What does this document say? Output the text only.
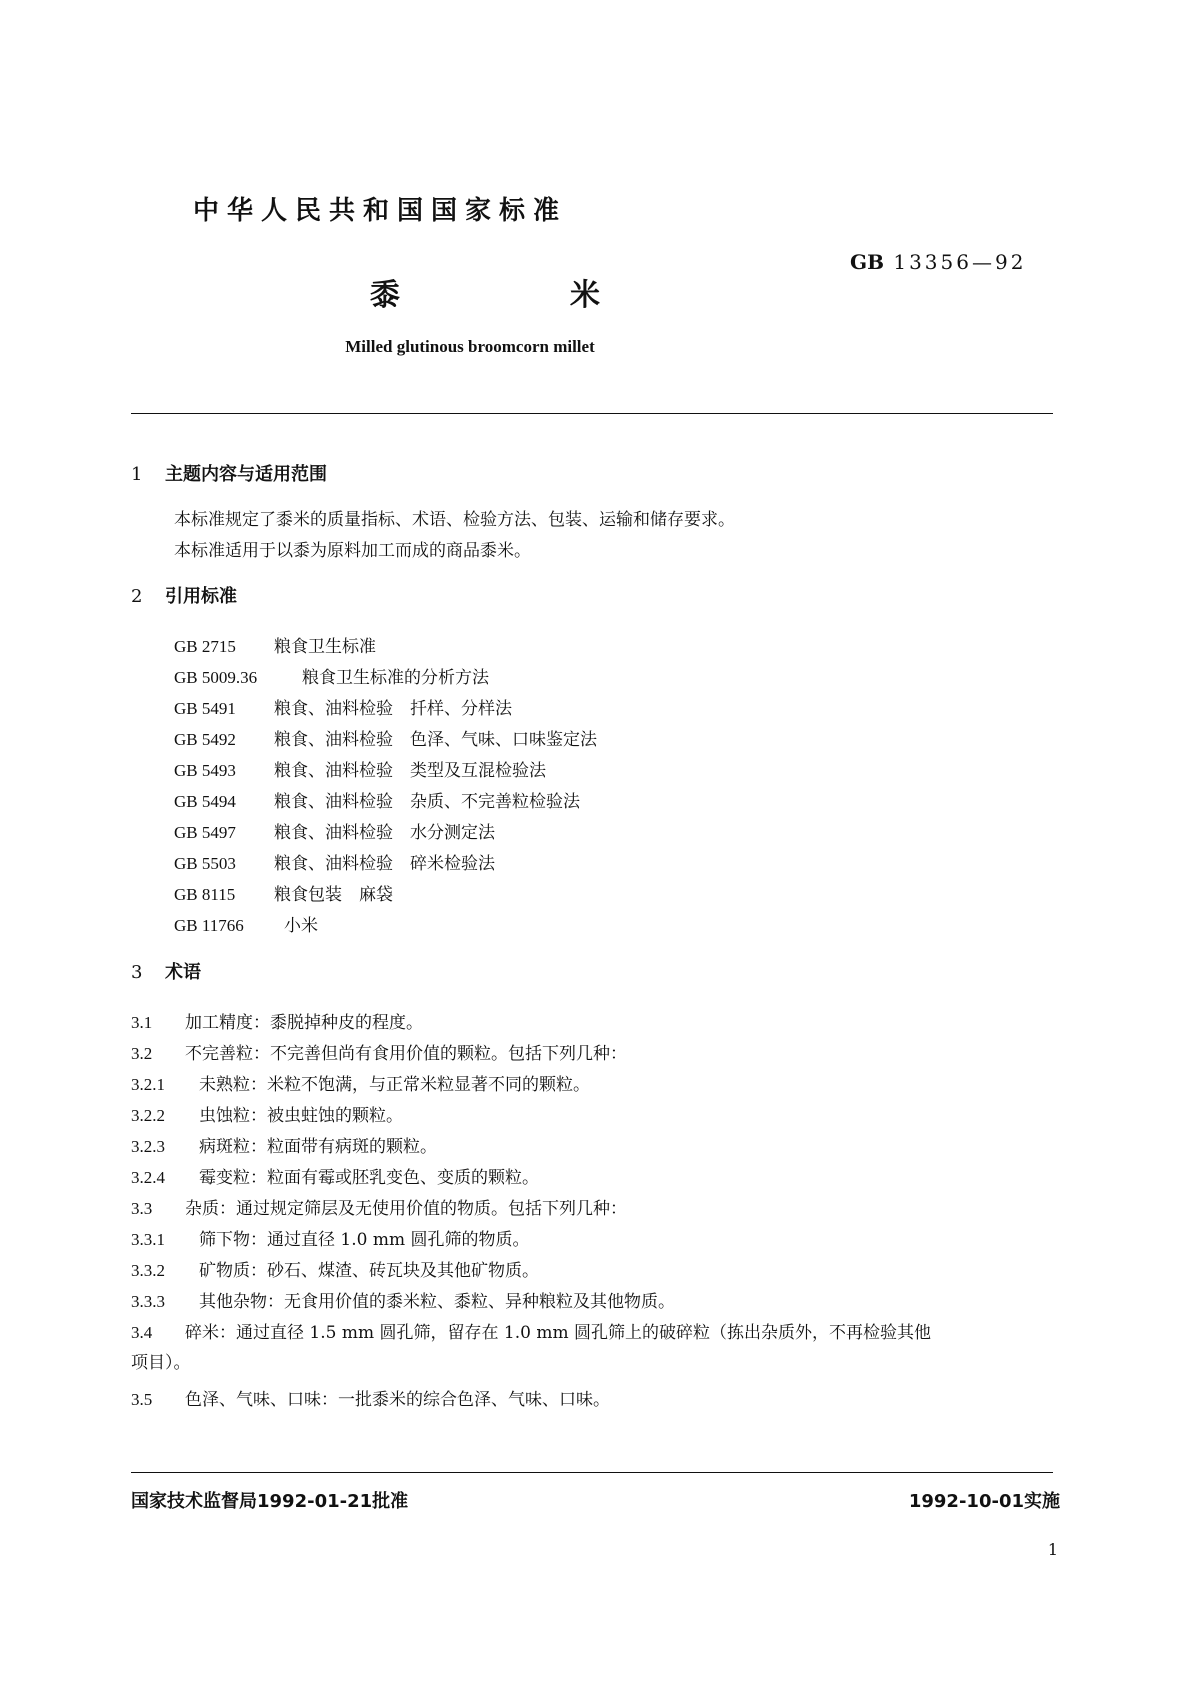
中华人民共和国国家标准
GB 13356—92
黍	米
Milled glutinous broomcorn millet
1 主题内容与适用范围
本标准规定了黍米的质量指标、术语、检验方法、包装、运输和储存要求。
本标准适用于以黍为原料加工而成的商品黍米。
2 引用标准
GB 2715 粮食卫生标准
GB 5009.36	粮食卫生标准的分析方法
GB 5491 粮食、油料检验　扦样、分样法
GB 5492 粮食、油料检验　色泽、气味、口味鉴定法
GB 5493 粮食、油料检验　类型及互混检验法
GB 5494 粮食、油料检验　杂质、不完善粒检验法
GB 5497 粮食、油料检验　水分测定法
GB 5503 粮食、油料检验　碎米检验法
GB 8115 粮食包装　麻袋
GB 11766 小米
3 术语
3.1 加工精度：黍脱掉种皮的程度。
3.2 不完善粒：不完善但尚有食用价值的颗粒。包括下列几种：
3.2.1 未熟粒：米粒不饱满，与正常米粒显著不同的颗粒。
3.2.2 虫蚀粒：被虫蛀蚀的颗粒。
3.2.3 病斑粒：粒面带有病斑的颗粒。
3.2.4 霉变粒：粒面有霉或胚乳变色、变质的颗粒。
3.3 杂质：通过规定筛层及无使用价值的物质。包括下列几种：
3.3.1 筛下物：通过直径 1.0 mm 圆孔筛的物质。
3.3.2 矿物质：砂石、煤渣、砖瓦块及其他矿物质。
3.3.3 其他杂物：无食用价值的黍米粒、黍粒、异种粮粒及其他物质。
3.4 碎米：通过直径 1.5 mm 圆孔筛，留存在 1.0 mm 圆孔筛上的破碎粒（拣出杂质外，不再检验其他
项目）。
3.5 色泽、气味、口味：一批黍米的综合色泽、气味、口味。
国家技术监督局1992-01-21批准	1992-10-01实施
1
